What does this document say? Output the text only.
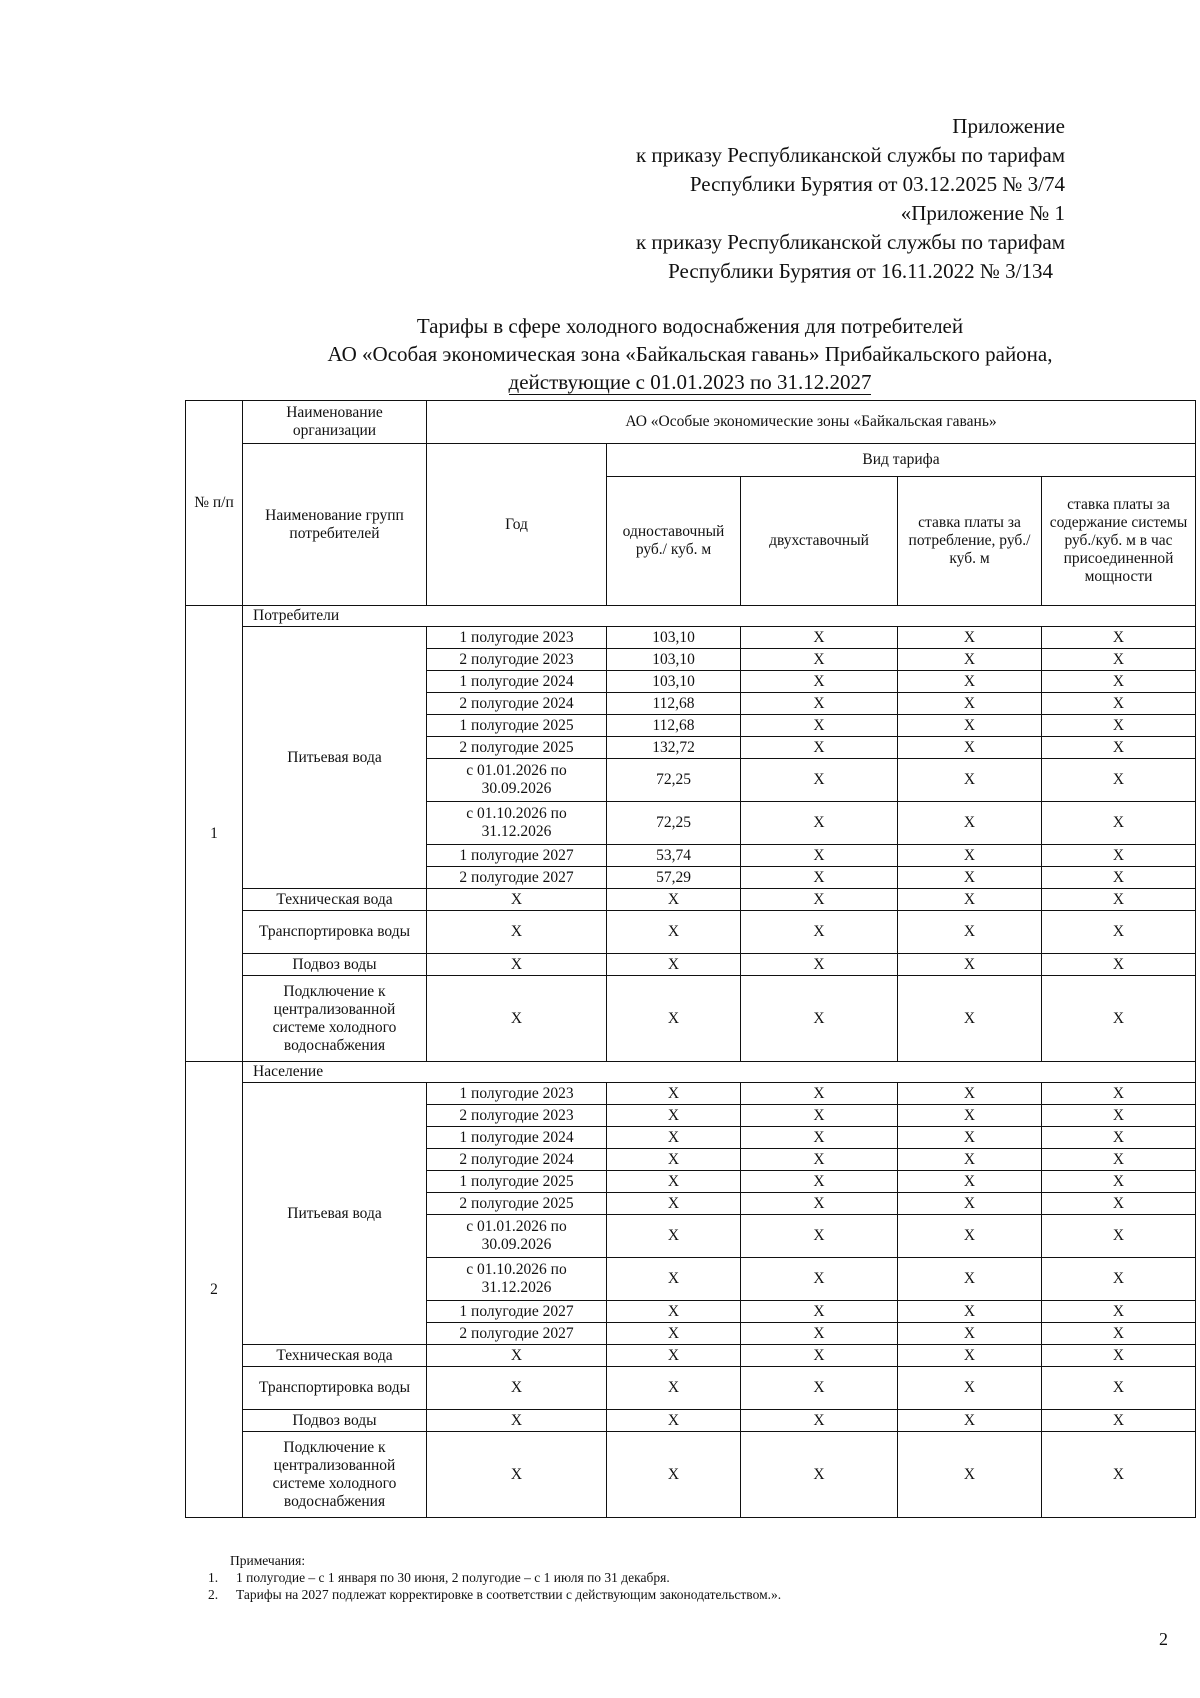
Приложение
к приказу Республиканской службы по тарифам
Республики Бурятия от 03.12.2025 № 3/74
«Приложение № 1
к приказу Республиканской службы по тарифам
Республики Бурятия от 16.11.2022 № 3/134
Тарифы в сфере холодного водоснабжения для потребителей
АО «Особая экономическая зона «Байкальская гавань» Прибайкальского района,
действующие с 01.01.2023 по 31.12.2027
№ п/п	Наименование организации	АО «Особые экономические зоны «Байкальская гавань»				
	Наименование групп потребителей	Год	Вид тарифа			
			одноставочный руб./ куб. м	двухставочный	ставка платы за потребление, руб./ куб. м	ставка платы за содержание системы руб./куб. м в час присоединенной мощности
1	Потребители					
	Питьевая вода	1 полугодие 2023	103,10	X	X	X
		2 полугодие 2023	103,10	X	X	X
		1 полугодие 2024	103,10	X	X	X
		2 полугодие 2024	112,68	X	X	X
		1 полугодие 2025	112,68	X	X	X
		2 полугодие 2025	132,72	X	X	X
		с 01.01.2026 по 30.09.2026	72,25	X	X	X
		с 01.10.2026 по 31.12.2026	72,25	X	X	X
		1 полугодие 2027	53,74	X	X	X
		2 полугодие 2027	57,29	X	X	X
	Техническая вода	X	X	X	X	X
	Транспортировка воды	X	X	X	X	X
	Подвоз воды	X	X	X	X	X
	Подключение к централизованной системе холодного водоснабжения	X	X	X	X	X
2	Население					
	Питьевая вода	1 полугодие 2023	X	X	X	X
		2 полугодие 2023	X	X	X	X
		1 полугодие 2024	X	X	X	X
		2 полугодие 2024	X	X	X	X
		1 полугодие 2025	X	X	X	X
		2 полугодие 2025	X	X	X	X
		с 01.01.2026 по 30.09.2026	X	X	X	X
		с 01.10.2026 по 31.12.2026	X	X	X	X
		1 полугодие 2027	X	X	X	X
		2 полугодие 2027	X	X	X	X
	Техническая вода	X	X	X	X	X
	Транспортировка воды	X	X	X	X	X
	Подвоз воды	X	X	X	X	X
	Подключение к централизованной системе холодного водоснабжения	X	X	X	X	X
Примечания:
1. 1 полугодие – с 1 января по 30 июня, 2 полугодие – с 1 июля по 31 декабря.
2. Тарифы на 2027 подлежат корректировке в соответствии с действующим законодательством.».
2
